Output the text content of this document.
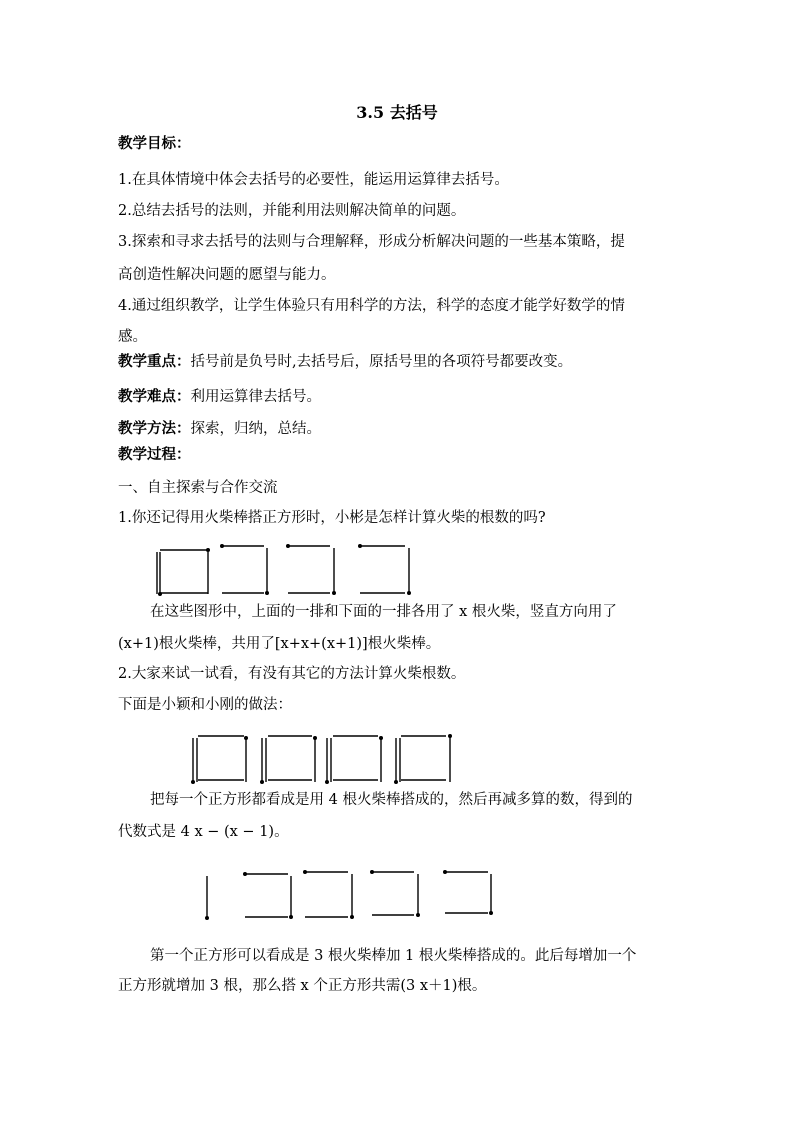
3.5 去括号
教学目标：
1.在具体情境中体会去括号的必要性，能运用运算律去括号。
2.总结去括号的法则，并能利用法则解决简单的问题。
3.探索和寻求去括号的法则与合理解释，形成分析解决问题的一些基本策略，提
高创造性解决问题的愿望与能力。
4.通过组织教学，让学生体验只有用科学的方法，科学的态度才能学好数学的情
感。
教学重点：括号前是负号时,去括号后，原括号里的各项符号都要改变。
教学难点：利用运算律去括号。
教学方法：探索，归纳，总结。
教学过程：
一、自主探索与合作交流
1.你还记得用火柴棒搭正方形时，小彬是怎样计算火柴的根数的吗?
在这些图形中，上面的一排和下面的一排各用了 x 根火柴，竖直方向用了
(x+1)根火柴棒，共用了[x+x+(x+1)]根火柴棒。
2.大家来试一试看，有没有其它的方法计算火柴根数。
下面是小颖和小刚的做法：
把每一个正方形都看成是用 4 根火柴棒搭成的，然后再减多算的数，得到的
代数式是 4 x − (x − 1)。
第一个正方形可以看成是 3 根火柴棒加 1 根火柴棒搭成的。此后每增加一个
正方形就增加 3 根，那么搭 x 个正方形共需(3 x＋1)根。
